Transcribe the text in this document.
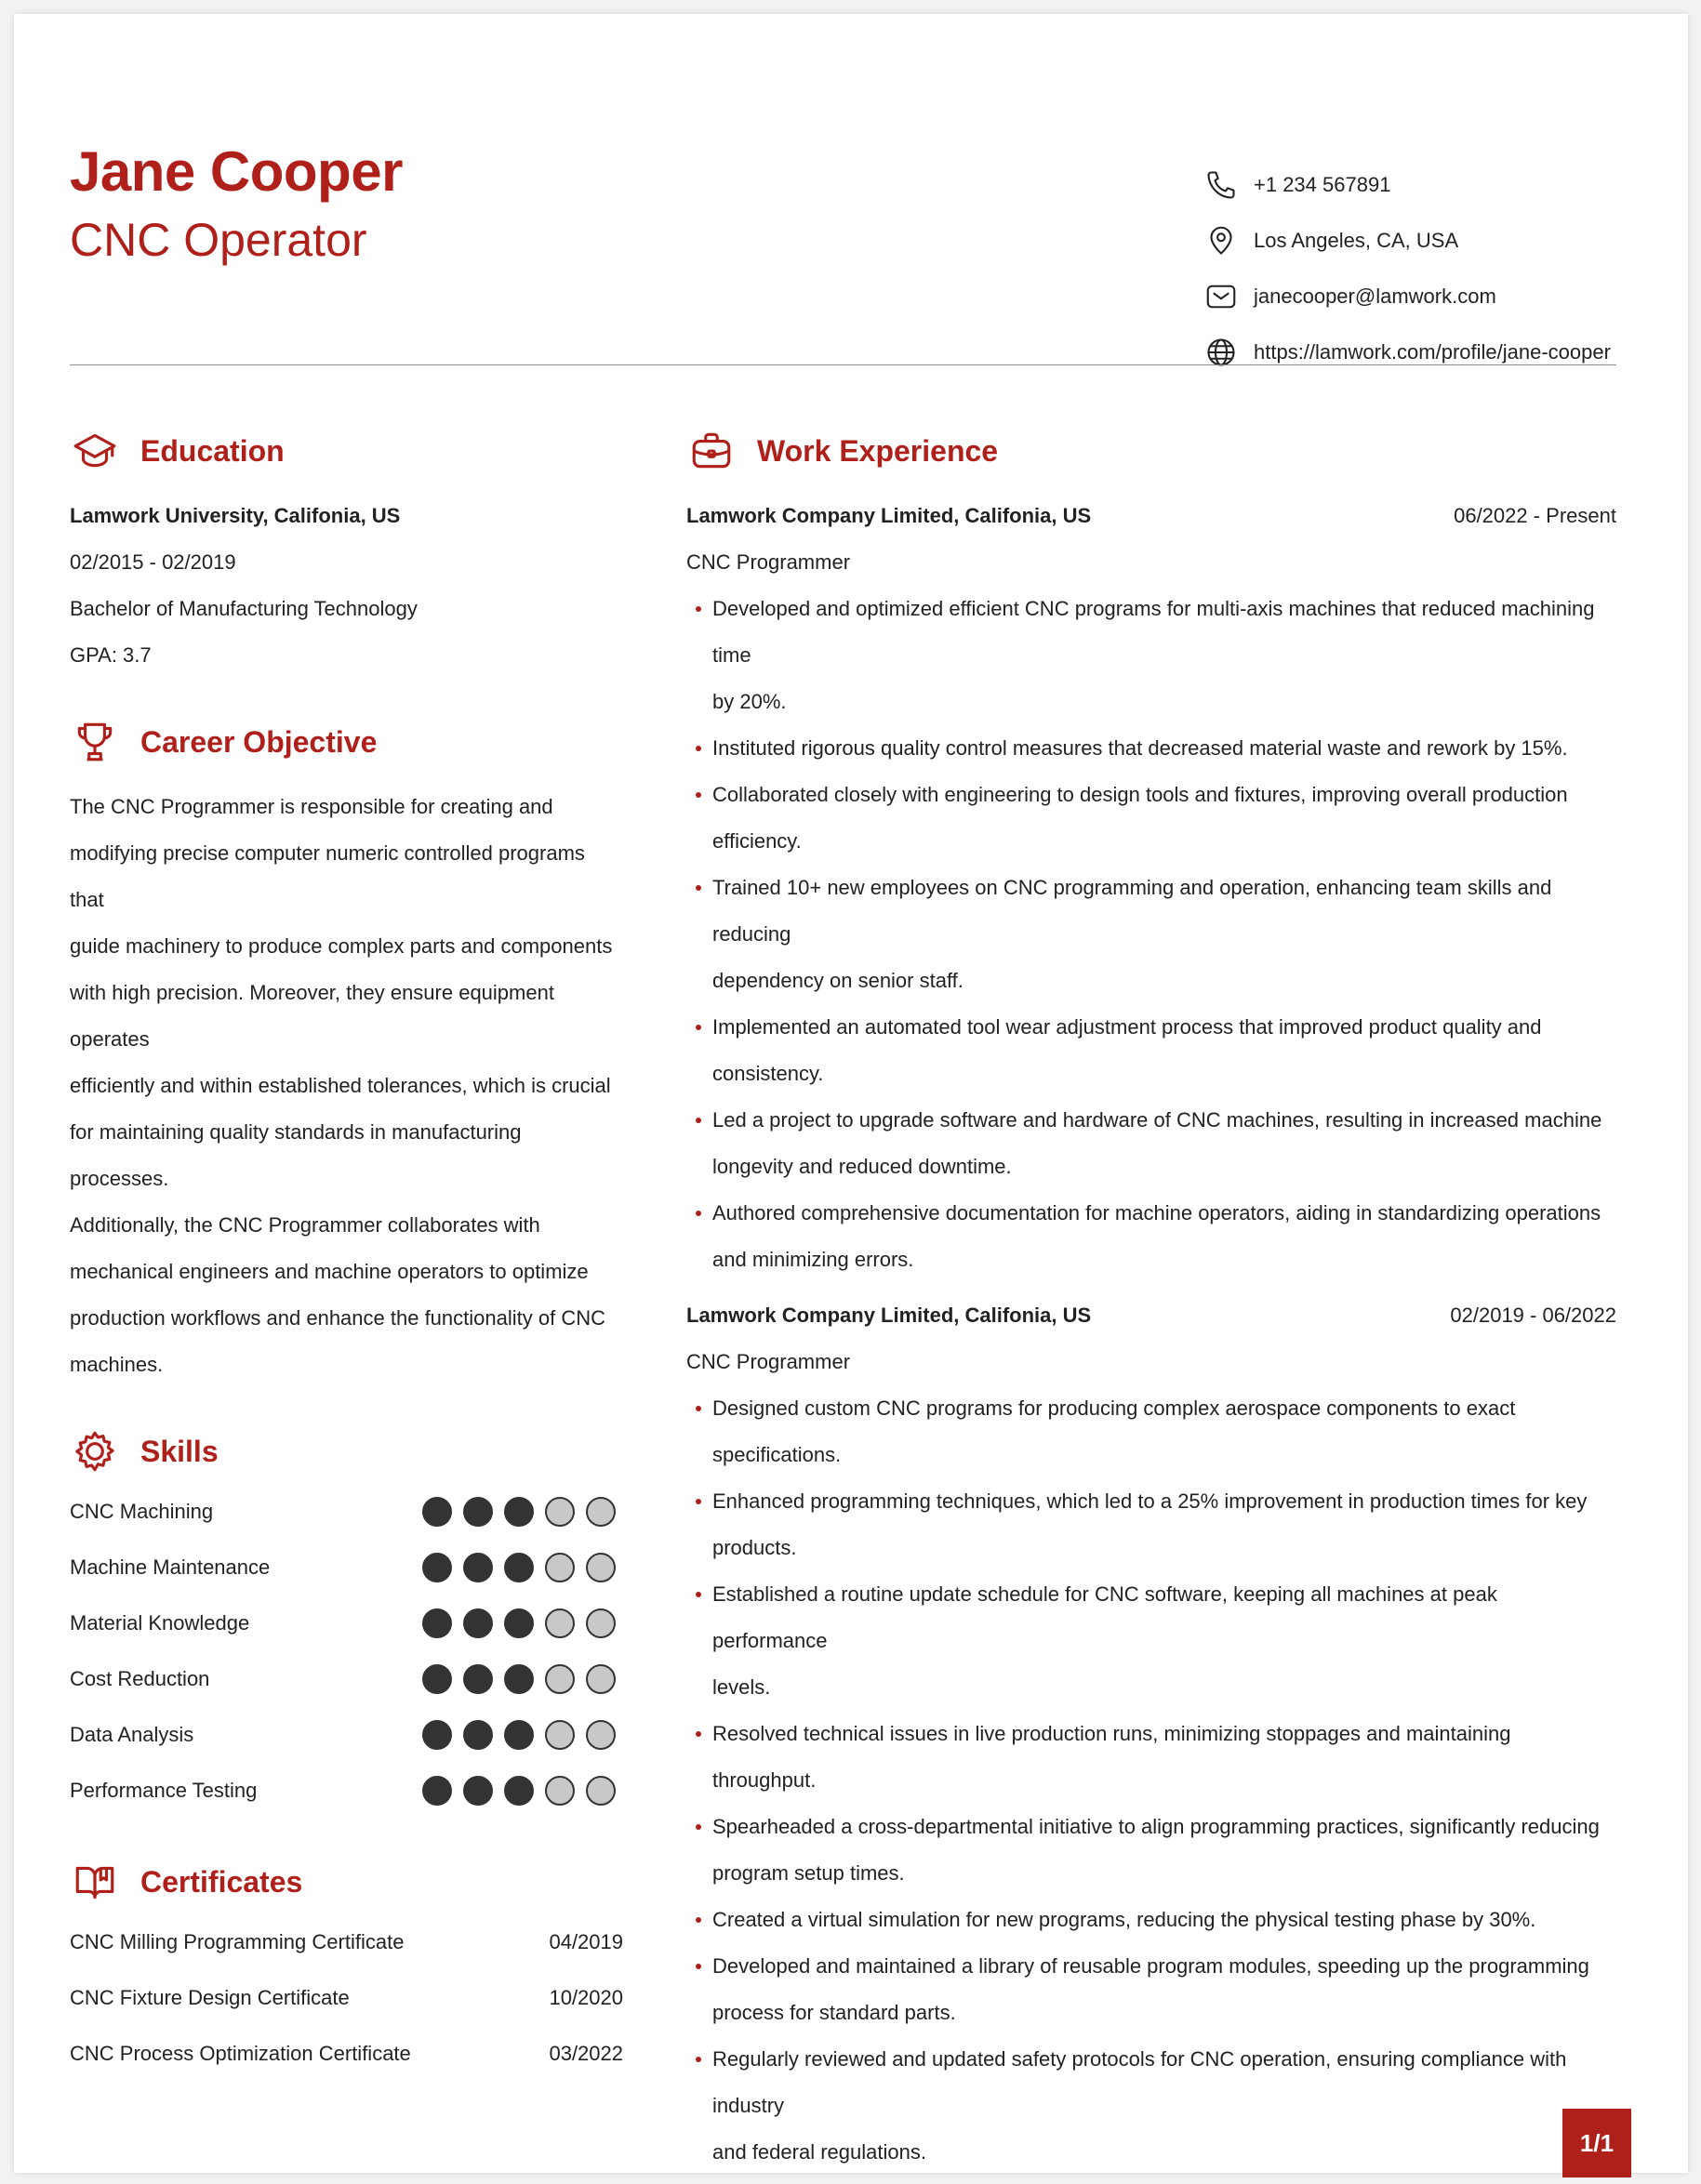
Jane Cooper
CNC Operator
+1 234 567891
Los Angeles, CA, USA
janecooper@lamwork.com
https://lamwork.com/profile/jane-cooper
Education
Lamwork University, Califonia, US
02/2015 - 02/2019
Bachelor of Manufacturing Technology
GPA: 3.7
Career Objective
The CNC Programmer is responsible for creating and
modifying precise computer numeric controlled programs that
guide machinery to produce complex parts and components
with high precision. Moreover, they ensure equipment operates
efficiently and within established tolerances, which is crucial
for maintaining quality standards in manufacturing processes.
Additionally, the CNC Programmer collaborates with
mechanical engineers and machine operators to optimize
production workflows and enhance the functionality of CNC
machines.
Skills
CNC Machining
Machine Maintenance
Material Knowledge
Cost Reduction
Data Analysis
Performance Testing
Certificates
CNC Milling Programming Certificate	04/2019
CNC Fixture Design Certificate	10/2020
CNC Process Optimization Certificate	03/2022
Work Experience
Lamwork Company Limited, Califonia, US	06/2022 - Present
CNC Programmer
Developed and optimized efficient CNC programs for multi-axis machines that reduced machining time
by 20%.
Instituted rigorous quality control measures that decreased material waste and rework by 15%.
Collaborated closely with engineering to design tools and fixtures, improving overall production
efficiency.
Trained 10+ new employees on CNC programming and operation, enhancing team skills and reducing
dependency on senior staff.
Implemented an automated tool wear adjustment process that improved product quality and
consistency.
Led a project to upgrade software and hardware of CNC machines, resulting in increased machine
longevity and reduced downtime.
Authored comprehensive documentation for machine operators, aiding in standardizing operations
and minimizing errors.
Lamwork Company Limited, Califonia, US	02/2019 - 06/2022
CNC Programmer
Designed custom CNC programs for producing complex aerospace components to exact
specifications.
Enhanced programming techniques, which led to a 25% improvement in production times for key
products.
Established a routine update schedule for CNC software, keeping all machines at peak performance
levels.
Resolved technical issues in live production runs, minimizing stoppages and maintaining throughput.
Spearheaded a cross-departmental initiative to align programming practices, significantly reducing
program setup times.
Created a virtual simulation for new programs, reducing the physical testing phase by 30%.
Developed and maintained a library of reusable program modules, speeding up the programming
process for standard parts.
Regularly reviewed and updated safety protocols for CNC operation, ensuring compliance with industry
and federal regulations.	1/1
